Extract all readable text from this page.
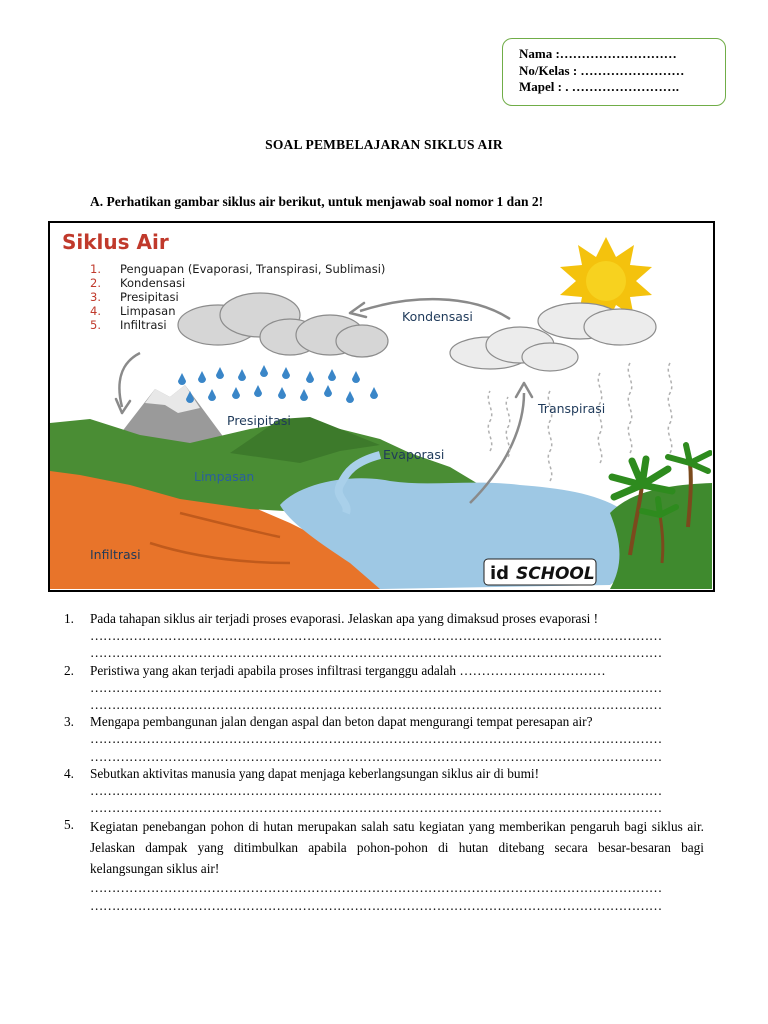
Nama :………………………
No/Kelas : ……………………
Mapel : . …………………….
SOAL PEMBELAJARAN SIKLUS AIR
A. Perhatikan gambar siklus air berikut, untuk menjawab soal nomor 1 dan 2!
Siklus Air
1. Penguapan (Evaporasi, Transpirasi, Sublimasi)
2. Kondensasi
3. Presipitasi
4. Limpasan
5. Infiltrasi
Kondensasi
Transpirasi
Presipitasi
Evaporasi
Limpasan
Infiltrasi
id SCHOOL
1. Pada tahapan siklus air terjadi proses evaporasi. Jelaskan apa yang dimaksud proses evaporasi !
……………………………………………………………………………………………………………………
……………………………………………………………………………………………………………………
2. Peristiwa yang akan terjadi apabila proses infiltrasi terganggu adalah ……………………………
……………………………………………………………………………………………………………………
……………………………………………………………………………………………………………………
3. Mengapa pembangunan jalan dengan aspal dan beton dapat mengurangi tempat peresapan air?
……………………………………………………………………………………………………………………
……………………………………………………………………………………………………………………
4. Sebutkan aktivitas manusia yang dapat menjaga keberlangsungan siklus air di bumi!
……………………………………………………………………………………………………………………
……………………………………………………………………………………………………………………
5. Kegiatan penebangan pohon di hutan merupakan salah satu kegiatan yang memberikan pengaruh bagi siklus air. Jelaskan dampak yang ditimbulkan apabila pohon-pohon di hutan ditebang secara besar-besaran bagi kelangsungan siklus air!
……………………………………………………………………………………………………………………
……………………………………………………………………………………………………………………
